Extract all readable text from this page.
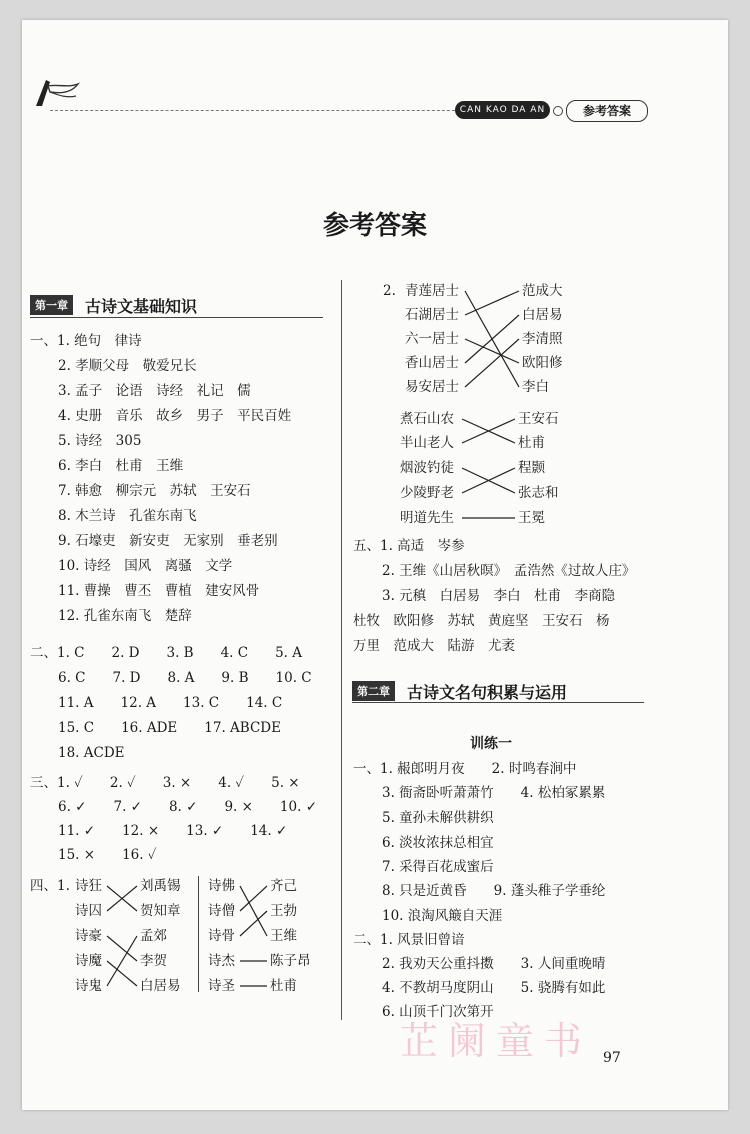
CAN KAO DA AN	参考答案
参考答案
第一章	古诗文基础知识
一、1. 绝句　律诗
2. 孝顺父母　敬爱兄长
3. 孟子　论语　诗经　礼记　儒
4. 史册　音乐　故乡　男子　平民百姓
5. 诗经　305
6. 李白　杜甫　王维
7. 韩愈　柳宗元　苏轼　王安石
8. 木兰诗　孔雀东南飞
9. 石壕吏　新安吏　无家别　垂老别
10. 诗经　国风　离骚　文学
11. 曹操　曹丕　曹植　建安风骨
12. 孔雀东南飞　楚辞
二、1. C　　2. D　　3. B　　4. C　　5. A
6. C　　7. D　　8. A　　9. B　　10. C
11. A　　12. A　　13. C　　14. C
15. C　　16. ADE　　17. ABCDE
18. ACDE
三、1. ✓　　2. ✓　　3. ×　　4. ✓　　5. ×
6. ✓　　7. ✓　　8. ✓　　9. ×　　10. ✓
11. ✓　　12. ×　　13. ✓　　14. ✓
15. ×　　16. ✓
四、1. 诗狂
诗囚
诗豪
诗魔
诗鬼
刘禹锡
贺知章
孟郊
李贺
白居易
诗佛
诗僧
诗骨
诗杰
诗圣
齐己
王勃
王维
陈子昂
杜甫
2. 青莲居士
石湖居士
六一居士
香山居士
易安居士
范成大
白居易
李清照
欧阳修
李白
煮石山农
半山老人
烟波钓徒
少陵野老
明道先生
王安石
杜甫
程颢
张志和
王冕
五、1. 高适　岑参
2. 王维《山居秋暝》　孟浩然《过故人庄》
3. 元稹　白居易　李白　杜甫　李商隐
杜牧　欧阳修　苏轼　黄庭坚　王安石　杨
万里　范成大　陆游　尤袤
第二章	古诗文名句积累与运用
训练一
一、1. 赧郎明月夜　　2. 时鸣春涧中
3. 衙斋卧听萧萧竹　　4. 松柏冢累累
5. 童孙未解供耕织
6. 淡妆浓抹总相宜
7. 采得百花成蜜后
8. 只是近黄昏　　9. 蓬头稚子学垂纶
10. 浪淘风簸自天涯
二、1. 风景旧曾谙
2. 我劝天公重抖擞　　3. 人间重晚晴
4. 不教胡马度阴山　　5. 骁腾有如此
6. 山顶千门次第开
芷阑童书 97
